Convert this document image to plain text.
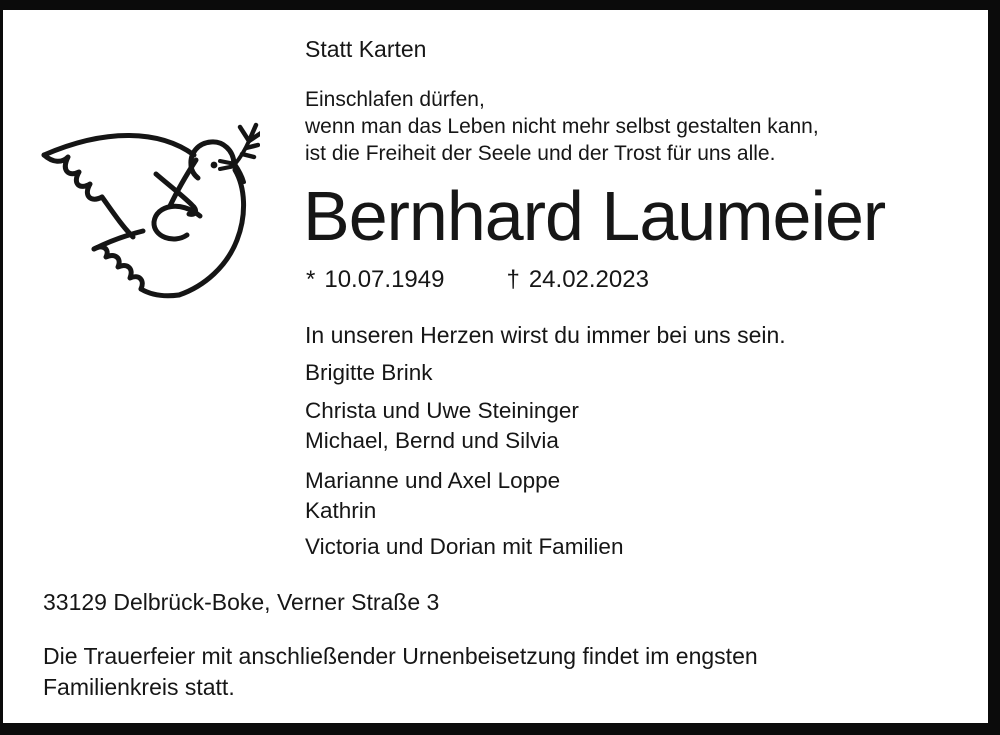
Statt Karten
Einschlafen dürfen,
wenn man das Leben nicht mehr selbst gestalten kann,
ist die Freiheit der Seele und der Trost für uns alle.
Bernhard Laumeier
* 10.07.1949	† 24.02.2023
In unseren Herzen wirst du immer bei uns sein.
Brigitte Brink
Christa und Uwe Steininger
Michael, Bernd und Silvia
Marianne und Axel Loppe
Kathrin
Victoria und Dorian mit Familien
33129 Delbrück-Boke, Verner Straße 3
Die Trauerfeier mit anschließender Urnenbeisetzung findet im engsten
Familienkreis statt.
